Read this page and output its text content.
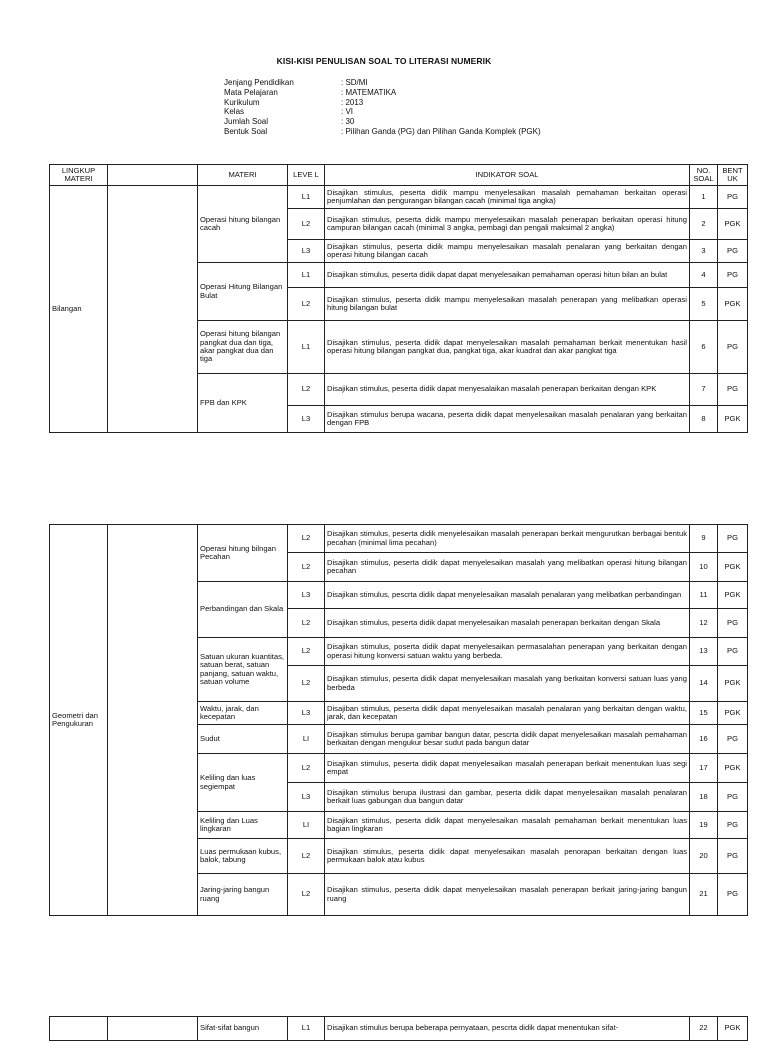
KISI-KISI PENULISAN SOAL TO LITERASI NUMERIK
Jenjang Pendidikan	: SD/MI
Mata Pelajaran	: MATEMATIKA
Kurikulum	: 2013
Kelas	: VI
Jumlah Soal	: 30
Bentuk Soal	: Pilihan Ganda (PG) dan Pilihan Ganda Komplek (PGK)
LINGKUP MATERI		MATERI	LEVE L	INDIKATOR SOAL	NO. SOAL	BENT UK
Bilangan		Operasi hitung bilangan cacah	L1	Disajikan stimulus, peserta didik mampu menyelesaikan masalah pemahaman berkaitan operasi penjumlahan dan pengurangan bilangan cacah (minimal tiga angka)	1	PG
			L2	Disajikan stimulus, peserta didik mampu menyelesaikan masalah penerapan berkaitan operasi hitung campuran bilangan cacah (minimal 3 angka, pembagi dan pengali maksimal 2 angka)	2	PGK
			L3	Disajikan stimulus, peserta didik mampu menyelesaikan masalah penalaran yang berkaitan dengan operasi hitung bilangan cacah	3	PG
		Operasi Hitung Bilangan Bulat	L1	Disajikan stimulus, peserta didik dapat dapat menyelesaikan pemahaman operasi hitun bilan an bulat	4	PG
			L2	Disajikan stimulus, peserta didik mampu menyelesaikan masalah penerapan yang melibatkan operasi hitung bilangan bulat	5	PGK
		Operasi hitung bilangan pangkat dua dan tiga, akar pangkat dua dan tiga	L1	Disajikan stimulus, peserta didik dapat menyelesaikan masalah pemahaman berkait menentukan hasil operasi hitung bilangan pangkat dua, pangkat tiga, akar kuadrat dan akar pangkat tiga	6	PG
		FPB dan KPK	L2	Disajikan stimulus, peserta didik dapat menyesalaikan masalah penerapan berkaitan dengan KPK	7	PG
			L3	Disajikan stimulus berupa wacana, peserta didik dapat menyelesaikan masalah penalaran yang berkaitan dengan FPB	8	PGK
Geometri dan Pengukuran		Operasi hitung bilngan Pecahan	L2	Disajikan stimulus, peserta didik menyelesaikan masalah penerapan berkait mengurutkan berbagai bentuk pecahan (minimal lima pecahan)	9	PG
			L2	Disajikan stimulus, peserta didik dapat menyelesaikan masalah yang melibatkan operasi hitung bilangan pecahan	10	PGK
		Perbandingan dan Skala	L3	Disajikan stimulus, pescrta didik dapat menyelesaikan masalah penalaran yang melibatkan perbandingan	11	PGK
			L2	Disajikan stimulus, peserta didik dapat menyelesaikan masalah penerapan berkaitan dengan Skala	12	PG
		Satuan ukuran kuantitas, satuan berat, satuan panjang, satuan waktu, satuan volume	L2	Disajikan stimulus, poserta didik dapat menyelesaikan permasalahan penerapan yang berkaitan dengan operasi hitung konversi satuan waktu yang berbeda.	13	PG
			L2	Disajikan stimulus, peserta didik dapat menyelesaikan masalah yang berkaitan konversi satuan luas yang berbeda	14	PGK
		Waktu, jarak, dan kecepatan	L3	Disajiban stimulus, peserta didik dapat menyelesaikan masalah penalaran yang berkaitan dengan waktu, jarak, dan kecepatan	15	PGK
		Sudut	LI	Disajikan stimulus berupa gambar bangun datar, pescrta didik dapat menyelesaikan masalah pemahaman berkaitan dengan mengukur besar sudut pada bangun datar	16	PG
		Keliling dan luas segiempat	L2	Disajikan stimulus, peserta didik dapat menyelesaikan masalah penerapan berkait menentukan luas segi empat	17	PGK
			L3	Disajikan stimulus berupa ilustrasi dan gambar, peserta didik dapat menyelesaikan masalah penalaran berkait luas gabungan dua bangun datar	18	PG
		Keliling dan Luas lingkaran	LI	Disajikan stimulus, peserta didik dapat menyelesaikan masalah pemahaman berkait menentukan luas bagian lingkaran	19	PG
		Luas permukaan kubus, balok, tabung	L2	Disajikan stimulus, peserta didik dapat menyelesaikan masalah penorapan berkaitan dengan luas permukaan balok atau kubus	20	PG
		Jaring-jaring bangun ruang	L2	Disajikan stimulus, peserta didik dapat menyelesaikan masalah penerapan berkait jaring-jaring bangun ruang	21	PG
		Sifat-sifat bangun	L1	Disajikan stimulus berupa beberapa pernyataan, pescrta didik dapat menentukan sifat-	22	PGK
